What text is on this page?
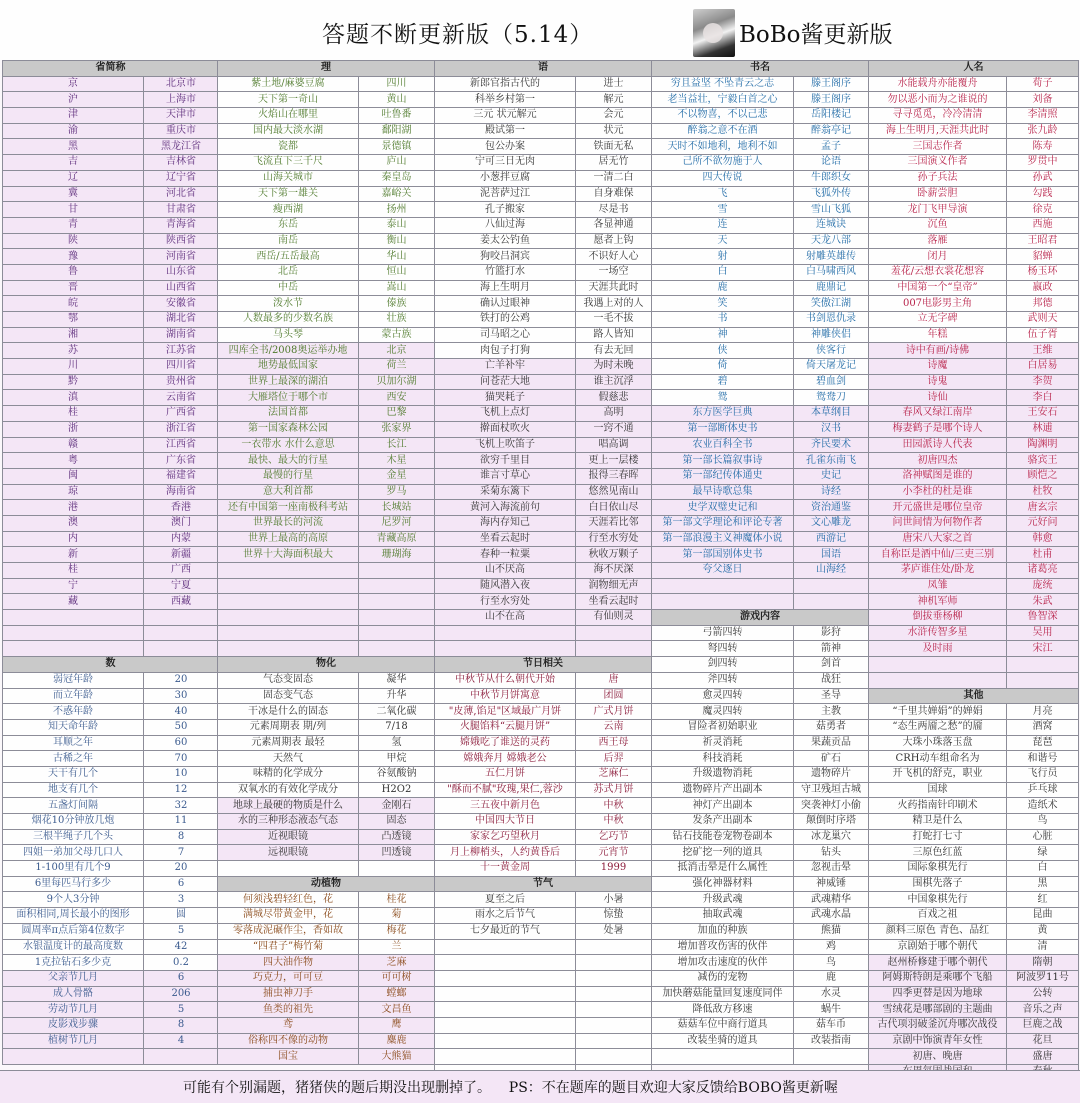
答题不断更新版（5.14）	BoBo酱更新版
省简称	
京	北京市
沪	上海市
津	天津市
渝	重庆市
黑	黑龙江省
吉	吉林省
辽	辽宁省
冀	河北省
甘	甘肃省
青	青海省
陕	陕西省
豫	河南省
鲁	山东省
晋	山西省
皖	安徽省
鄂	湖北省
湘	湖南省
苏	江苏省
川	四川省
黔	贵州省
滇	云南省
桂	广西省
浙	浙江省
赣	江西省
粤	广东省
闽	福建省
琼	海南省
港	香港
澳	澳门
内	内蒙
新	新疆
桂	广西
宁	宁夏
藏	西藏

数	
弱冠年龄	20
而立年龄	30
不惑年龄	40
知天命年龄	50
耳顺之年	60
古稀之年	70
天干有几个	10
地支有几个	12
五盏灯间隔	32
烟花10分钟放几炮	11
三根半绳子几个头	8
四姐一弟加父母几口人	7
1-100里有几个9	20
6里每匹马行多少	6
9个人3分钟	3
面积相同,周长最小的图形	圆
圆周率π点后第4位数字	5
水银温度计的最高度数	42
1克拉钻石多少克	0.2
父亲节几月	6
成人骨骼	206
劳动节几月	5
皮影戏步骤	8
植树节几月	4

理	
紫土地/麻婆豆腐	四川
天下第一奇山	黄山
火焰山在哪里	吐鲁番
国内最大淡水湖	鄱阳湖
瓷都	景德镇
飞流直下三千尺	庐山
山海关城市	秦皇岛
天下第一雄关	嘉峪关
瘦西湖	扬州
东岳	泰山
南岳	衡山
西岳/五岳最高	华山
北岳	恒山
中岳	嵩山
泼水节	傣族
人数最多的少数名族	壮族
马头琴	蒙古族
四库全书/2008奥运举办地	北京
地势最低国家	荷兰
世界上最深的湖泊	贝加尔湖
大雁塔位于哪个市	西安
法国首都	巴黎
第一国家森林公园	张家界
一衣带水 水什么意思	长江
最快、最大的行星	木星
最慢的行星	金星
意大利首都	罗马
还有中国第一座南极科考站	长城站
世界最长的河流	尼罗河
世界上最高的高原	青藏高原
世界十大海面积最大	珊瑚海

物化	
气态变固态	凝华
固态变气态	升华
干冰是什么的固态	二氧化碳
元素周期表 期/列	7/18
元素周期表 最轻	氢
天然气	甲烷
味精的化学成分	谷氨酸钠
双氧水的有效化学成分	H2O2
地球上最硬的物质是什么	金刚石
水的三种形态液态气态	固态
近视眼镜	凸透镜
远视眼镜	凹透镜

动植物	
何须浅碧轻红色，花	桂花
满城尽带黄金甲，花	菊
零落成泥碾作尘，香如故	梅花
“四君子”梅竹菊	兰
四大油作物	芝麻
巧克力，可可豆	可可树
捕虫神刀手	螳螂
鱼类的祖先	文昌鱼
鸢	鹰
俗称四不像的动物	麋鹿
国宝	大熊猫
语	
新郎官指古代的	进士
科举乡村第一	解元
三元 状元解元	会元
殿试第一	状元
包公办案	铁面无私
宁可三日无肉	居无竹
小葱拌豆腐	一清二白
泥菩萨过江	自身难保
孔子搬家	尽是书
八仙过海	各显神通
姜太公钓鱼	愿者上钩
狗咬吕洞宾	不识好人心
竹篮打水	一场空
海上生明月	天涯共此时
确认过眼神	我遇上对的人
铁打的公鸡	一毛不拔
司马昭之心	路人皆知
肉包子打狗	有去无回
亡羊补牢	为时未晚
问苍茫大地	谁主沉浮
猫哭耗子	假慈悲
飞机上点灯	高明
擀面杖吹火	一窍不通
飞机上吹笛子	唱高调
欲穷千里目	更上一层楼
谁言寸草心	报得三春晖
采菊东篱下	悠然见南山
黄河入海流前句	白日依山尽
海内存知己	天涯若比邻
坐看云起时	行至水穷处
春种一粒粟	秋收万颗子
山不厌高	海不厌深
随风潜入夜	润物细无声
行至水穷处	坐看云起时
山不在高	有仙则灵

节日相关	
中秋节从什么朝代开始	唐
中秋节月饼寓意	团圆
"皮薄,馅足"区域最广月饼	广式月饼
火腿馅料“云腿月饼”	云南
嫦娥吃了谁送的灵药	西王母
嫦娥奔月 嫦娥老公	后羿
五仁月饼	芝麻仁
"酥而不腻"玫瑰,果仁,蓉沙	苏式月饼
三五夜中新月色	中秋
中国四大节日	中秋
家家乞巧望秋月	乞巧节
月上柳梢头，人约黄昏后	元宵节
十一黄金周	1999
节气	
夏至之后	小暑
雨水之后节气	惊蛰
七夕最近的节气	处暑

书名	
穷且益坚 不坠青云之志	滕王阁序
老当益壮，宁毅白首之心	滕王阁序
不以物喜，不以己悲	岳阳楼记
醉翁之意不在酒	醉翁亭记
天时不如地利，地利不如	孟子
己所不欲勿施于人	论语
四大传说	牛郎织女
飞	飞狐外传
雪	雪山飞狐
连	连城诀
天	天龙八部
射	射雕英雄传
白	白马啸西风
鹿	鹿鼎记
笑	笑傲江湖
书	书剑恩仇录
神	神雕侠侣
侠	侠客行
倚	倚天屠龙记
碧	碧血剑
鸳	鸳鸯刀
东方医学巨典	本草纲目
第一部断体史书	汉书
农业百科全书	齐民要术
第一部长篇叙事诗	孔雀东南飞
第一部纪传体通史	史记
最早诗歌总集	诗经
史学双璧史记和	资治通鉴
第一部文学理论和评论专著	文心雕龙
第一部浪漫主义神魔体小说	西游记
第一部国别体史书	国语
夸父逐日	山海经

游戏内容	
弓箭四转	影狩
弩四转	箭神
剑四转	剑首
斧四转	战狂
愈灵四转	圣导
魔灵四转	主教
冒险者初始职业	菇勇者
祈灵消耗	果蔬贡品
科技消耗	矿石
升级遗物消耗	遗物碎片
遗物碎片产出副本	守卫残垣古城
神灯产出副本	突袭神灯小偷
发条产出副本	颠倒时序塔
钻石技能卷宠物卷副本	冰龙巢穴
挖矿挖一列的道具	钻头
抵消击晕是什么属性	忽视击晕
强化神器材料	神威锤
升级武魂	武魂精华
抽取武魂	武魂水晶
加血的种族	熊猫
增加普攻伤害的伙伴	鸡
增加攻击速度的伙伴	鸟
减伤的宠物	鹿
加快蘑菇能量回复速度同伴	水灵
降低敌方移速	蜗牛
菇菇车位中商行道具	菇车币
改装坐骑的道具	改装指南

人名	
水能载舟亦能覆舟	荀子
勿以恶小而为之谁说的	刘备
寻寻觅觅，冷冷清清	李清照
海上生明月,天涯共此时	张九龄
三国志作者	陈寿
三国演义作者	罗贯中
孙子兵法	孙武
卧薪尝胆	勾践
龙门飞甲导演	徐克
沉鱼	西施
落雁	王昭君
闭月	貂蝉
羞花/云想衣裳花想容	杨玉环
中国第一个“皇帝”	嬴政
007电影男主角	邦德
立无字碑	武则天
年糕	伍子胥
诗中有画/诗佛	王维
诗魔	白居易
诗鬼	李贺
诗仙	李白
春风又绿江南岸	王安石
梅妻鹤子是哪个诗人	林逋
田园派诗人代表	陶渊明
初唐四杰	骆宾王
洛神赋图是谁的	顾恺之
小李杜的杜是谁	杜牧
开元盛世是哪位皇帝	唐玄宗
问世间情为何物作者	元好问
唐宋八大家之首	韩愈
自称臣是酒中仙/三吏三别	杜甫
茅庐谁住处/卧龙	诸葛亮
凤雏	庞统
神机军师	朱武
倒拔垂杨柳	鲁智深
水浒传智多星	吴用
及时雨	宋江

其他	
“千里共婵娟”的婵娟	月亮
“态生两靥之愁”的靥	酒窝
大珠小珠落玉盘	琵琶
CRH动车组命名为	和谐号
开飞机的舒克，职业	飞行员
国球	乒乓球
火药指南针印刷术	造纸术
精卫是什么	鸟
打蛇打七寸	心脏
三原色红蓝	绿
国际象棋先行	白
围棋先落子	黑
中国象棋先行	红
百戏之祖	昆曲
颜料三原色 青色、品红	黄
京剧始于哪个朝代	清
赵州桥修建于哪个朝代	隋朝
阿姆斯特朗是乘哪个飞船	阿波罗11号
四季更替是因为地球	公转
雪绒花是哪部剧的主题曲	音乐之声
古代项羽破釜沉舟哪次战役	巨鹿之战
京剧中饰演青年女性	花旦
初唐、晚唐	盛唐

可能有个别漏题，猪猪侠的题后期没出现删掉了。    PS：不在题库的题目欢迎大家反馈给BOBO酱更新喔
